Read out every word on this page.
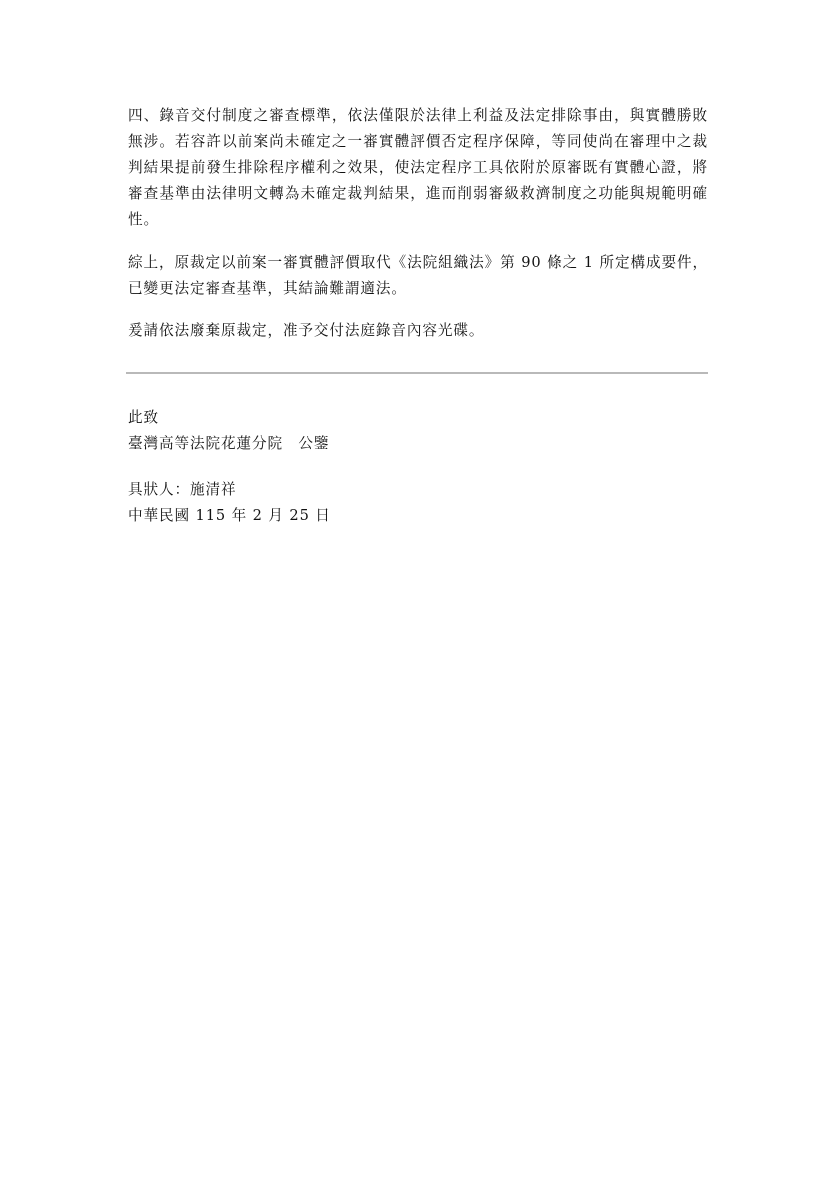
四、錄音交付制度之審查標準，依法僅限於法律上利益及法定排除事由，與實體勝敗無涉。若容許以前案尚未確定之一審實體評價否定程序保障，等同使尚在審理中之裁判結果提前發生排除程序權利之效果，使法定程序工具依附於原審既有實體心證，將審查基準由法律明文轉為未確定裁判結果，進而削弱審級救濟制度之功能與規範明確性。

綜上，原裁定以前案一審實體評價取代《法院組織法》第 90 條之 1 所定構成要件，已變更法定審查基準，其結論難謂適法。

爰請依法廢棄原裁定，准予交付法庭錄音內容光碟。

此致

臺灣高等法院花蓮分院　公鑒

具狀人：施清祥

中華民國 115 年 2 月 25 日
